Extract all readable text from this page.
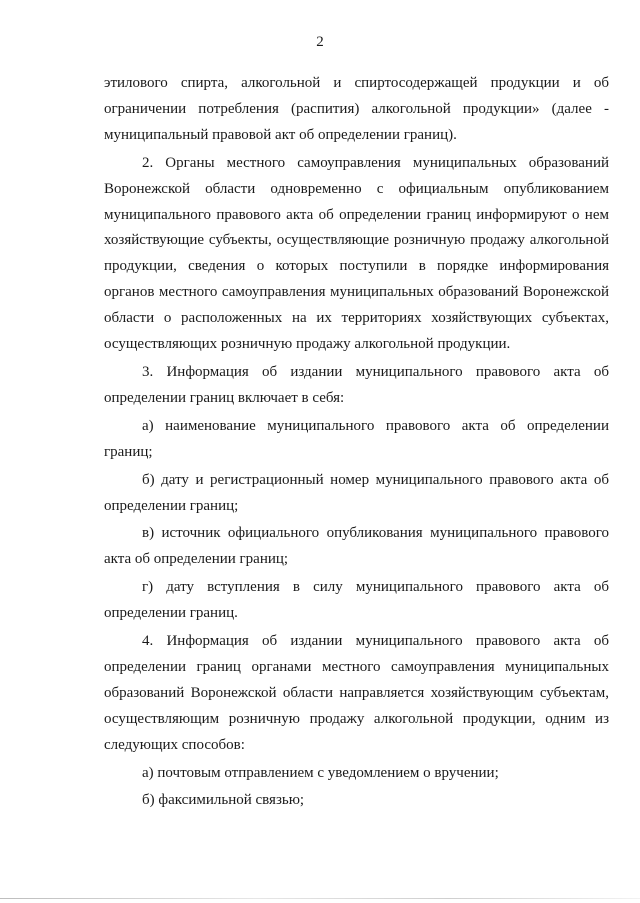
2

этилового спирта, алкогольной и спиртосодержащей продукции и об ограничении потребления (распития) алкогольной продукции» (далее - муниципальный правовой акт об определении границ).

2. Органы местного самоуправления муниципальных образований Воронежской области одновременно с официальным опубликованием муниципального правового акта об определении границ информируют о нем хозяйствующие субъекты, осуществляющие розничную продажу алкогольной продукции, сведения о которых поступили в порядке информирования органов местного самоуправления муниципальных образований Воронежской области о расположенных на их территориях хозяйствующих субъектах, осуществляющих розничную продажу алкогольной продукции.

3. Информация об издании муниципального правового акта об определении границ включает в себя:

а) наименование муниципального правового акта об определении границ;

б) дату и регистрационный номер муниципального правового акта об определении границ;

в) источник официального опубликования муниципального правового акта об определении границ;

г) дату вступления в силу муниципального правового акта об определении границ.

4. Информация об издании муниципального правового акта об определении границ органами местного самоуправления муниципальных образований Воронежской области направляется хозяйствующим субъектам, осуществляющим розничную продажу алкогольной продукции, одним из следующих способов:

а) почтовым отправлением с уведомлением о вручении;

б) факсимильной связью;
